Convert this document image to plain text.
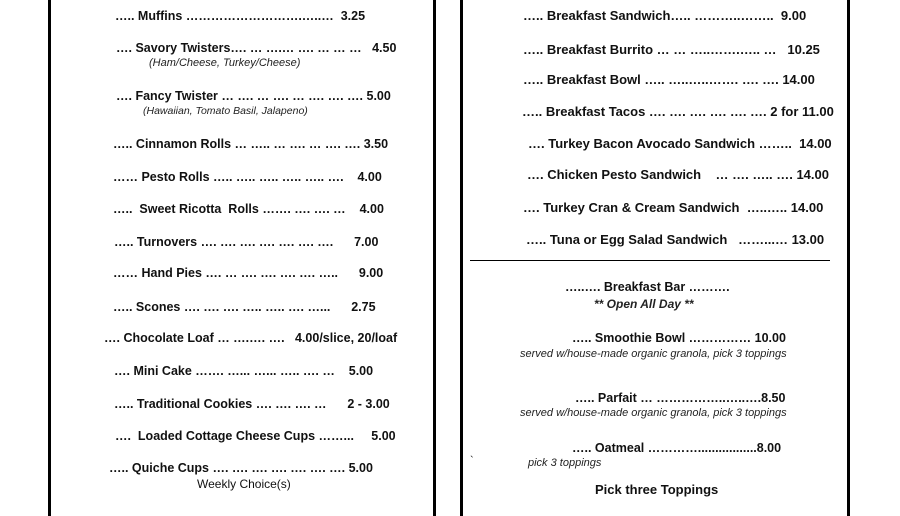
….. Muffins ……………………….…..…  3.25
…. Savory Twisters…. … ….… …. … … …   4.50
(Ham/Cheese, Turkey/Cheese)
…. Fancy Twister … …. … …. … …. …. …. 5.00
(Hawaiian, Tomato Basil, Jalapeno)
….. Cinnamon Rolls … ….. … …. … …. …. 3.50
…… Pesto Rolls ….. ….. ….. ….. ….. ….    4.00
…..  Sweet Ricotta  Rolls ……. …. …. …    4.00
….. Turnovers …. …. …. …. …. …. ….      7.00
…… Hand Pies …. … …. …. …. …. …..      9.00
….. Scones …. …. …. ….. ….. …. …...      2.75
…. Chocolate Loaf … ….…. ….   4.00/slice, 20/loaf
…. Mini Cake ……. …... …... ….. …. …    5.00
….. Traditional Cookies …. …. …. …      2 - 3.00
….  Loaded Cottage Cheese Cups ……...     5.00
….. Quiche Cups …. …. …. …. …. …. …. 5.00
Weekly Choice(s)
….. Breakfast Sandwich….. ………..……..  9.00
….. Breakfast Burrito … … …..…….….. …   10.25
….. Breakfast Bowl ….. …..…..……. …. …. 14.00
….. Breakfast Tacos …. …. …. …. …. …. 2 for 11.00
…. Turkey Bacon Avocado Sandwich ……..  14.00
…. Chicken Pesto Sandwich    … …. ….. …. 14.00
…. Turkey Cran & Cream Sandwich  …..….. 14.00
….. Tuna or Egg Salad Sandwich   ……...… 13.00
…..…. Breakfast Bar ……….
** Open All Day **
….. Smoothie Bowl …………… 10.00
served w/house-made organic granola, pick 3 toppings
….. Parfait … ……………..…..….8.50
served w/house-made organic granola, pick 3 toppings
….. Oatmeal ………….................8.00
pick 3 toppings
`
Pick three Toppings
